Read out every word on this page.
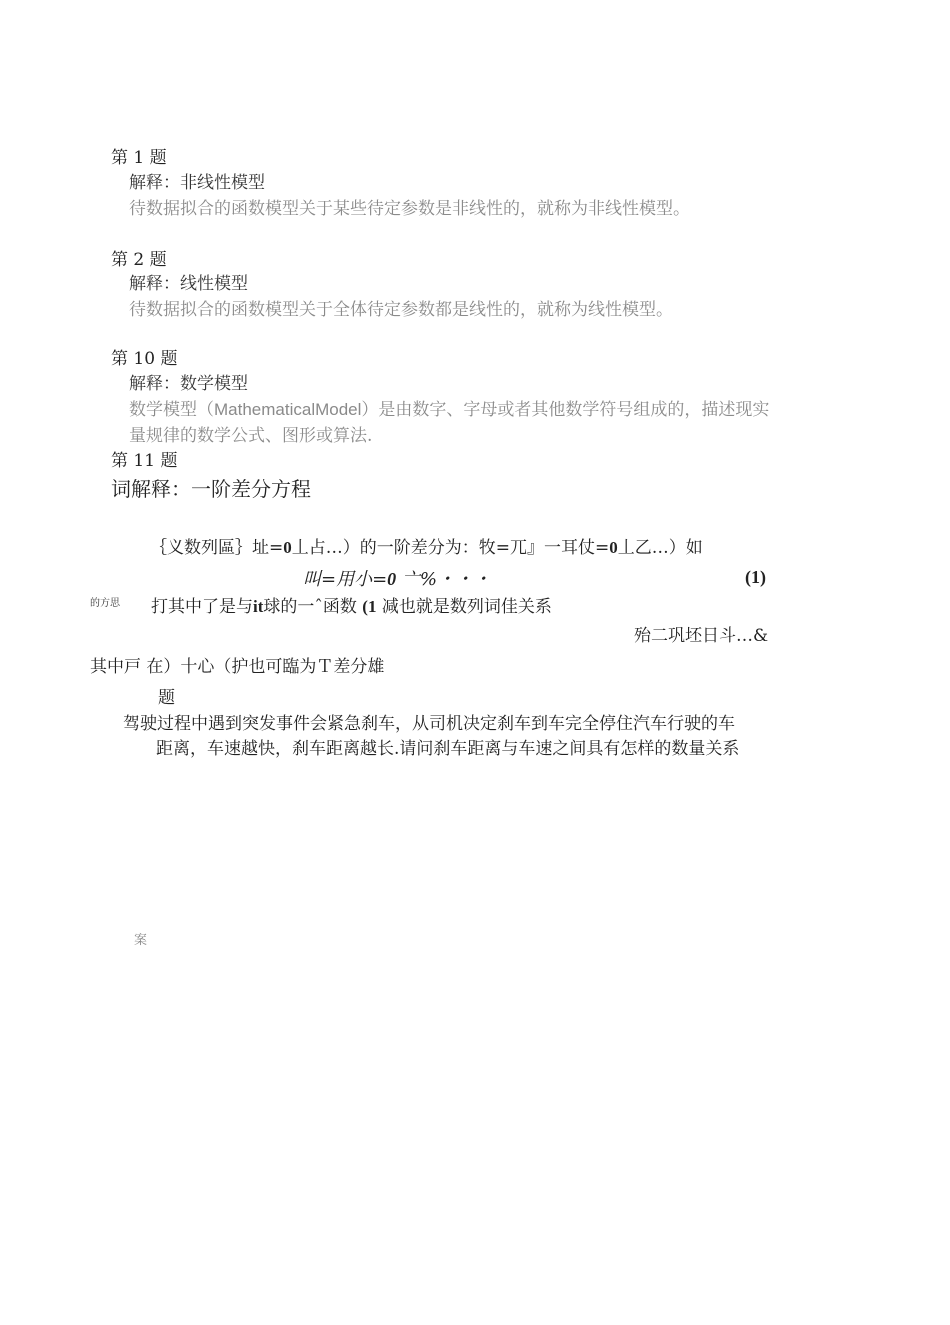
第 1 题
解释：非线性模型
待数据拟合的函数模型关于某些待定参数是非线性的，就称为非线性模型。
第 2 题
解释：线性模型
待数据拟合的函数模型关于全体待定参数都是线性的，就称为线性模型。
第 10 题
解释：数学模型
数学模型（MathematicalModel）是由数字、字母或者其他数学符号组成的，描述现实
量规律的数学公式、图形或算法.
第 11 题
词解释：一阶差分方程
｛义数列區｝址=0丄占…）的一阶差分为：牧=兀』一耳仗=0丄乙…）如
叫=用小=0 亠%・・・	(1)
的方思 打其中了是与it球的一ˆ函数 (1 减也就是数列词佳关系
殆二巩坯日斗…&
其中戸 在）十心（护也可臨为Ｔ差分雄
题
驾驶过程中遇到突发事件会紧急刹车，从司机决定刹车到车完全停住汽车行驶的车
距离，车速越快，刹车距离越长.请问刹车距离与车速之间具有怎样的数量关系
案
